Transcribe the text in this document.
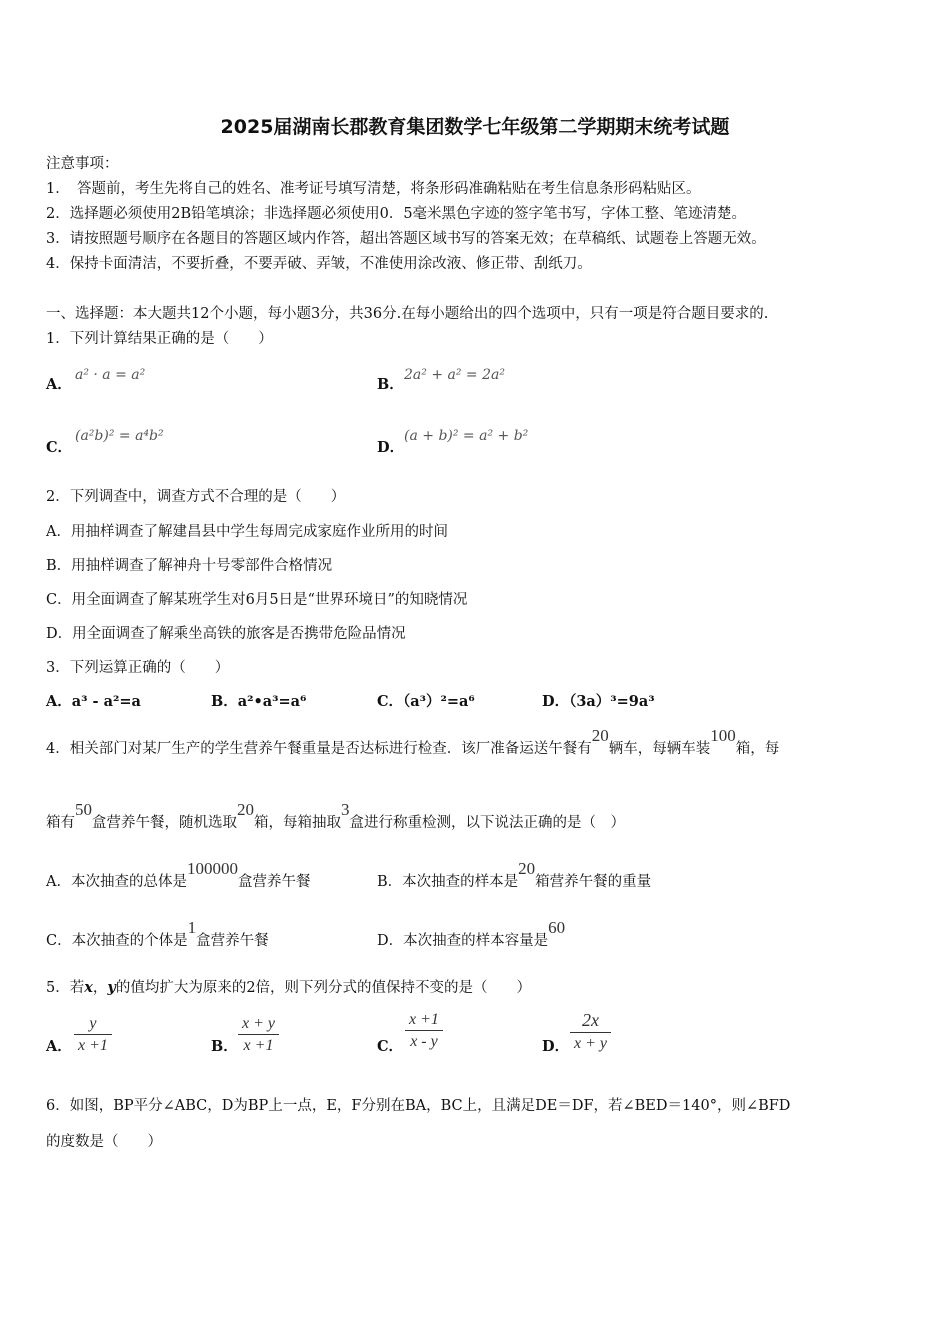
2025届湖南长郡教育集团数学七年级第二学期期末统考试题
注意事项：
1．　答题前，考生先将自己的姓名、准考证号填写清楚，将条形码准确粘贴在考生信息条形码粘贴区。
2．选择题必须使用2B铅笔填涂；非选择题必须使用0．5毫米黑色字迹的签字笔书写，字体工整、笔迹清楚。
3．请按照题号顺序在各题目的答题区域内作答，超出答题区域书写的答案无效；在草稿纸、试题卷上答题无效。
4．保持卡面清洁，不要折叠，不要弄破、弄皱，不准使用涂改液、修正带、刮纸刀。
一、选择题：本大题共12个小题，每小题3分，共36分.在每小题给出的四个选项中，只有一项是符合题目要求的.
1．下列计算结果正确的是（　　）
A．
a² · a = a²
B．
2a² + a² = 2a²
C．
(a²b)² = a⁴b²
D．
(a + b)² = a² + b²
2．下列调查中，调查方式不合理的是（　　）
A．用抽样调查了解建昌县中学生每周完成家庭作业所用的时间
B．用抽样调查了解神舟十号零部件合格情况
C．用全面调查了解某班学生对6月5日是“世界环境日”的知晓情况
D．用全面调查了解乘坐高铁的旅客是否携带危险品情况
3．下列运算正确的（　　）
A．a³ - a²=a	B．a²•a³=a⁶	C．（a³）²=a⁶	D．（3a）³=9a³
4．相关部门对某厂生产的学生营养午餐重量是否达标进行检查．该厂准备运送午餐有20辆车，每辆车装100箱，每
箱有50盒营养午餐，随机选取20箱，每箱抽取3盒进行称重检测，以下说法正确的是（　）
A．本次抽查的总体是100000盒营养午餐	B．本次抽查的样本是20箱营养午餐的重量
C．本次抽查的个体是1盒营养午餐	D．本次抽查的样本容量是60
5．若x，y的值均扩大为原来的2倍，则下列分式的值保持不变的是（　　）
A．
y
x +1	B．
x + y
x +1	C．
x +1
x - y	D．
2x
x + y
6．如图，BP平分∠ABC，D为BP上一点，E，F分别在BA，BC上，且满足DE＝DF，若∠BED＝140°，则∠BFD
的度数是（　　）
